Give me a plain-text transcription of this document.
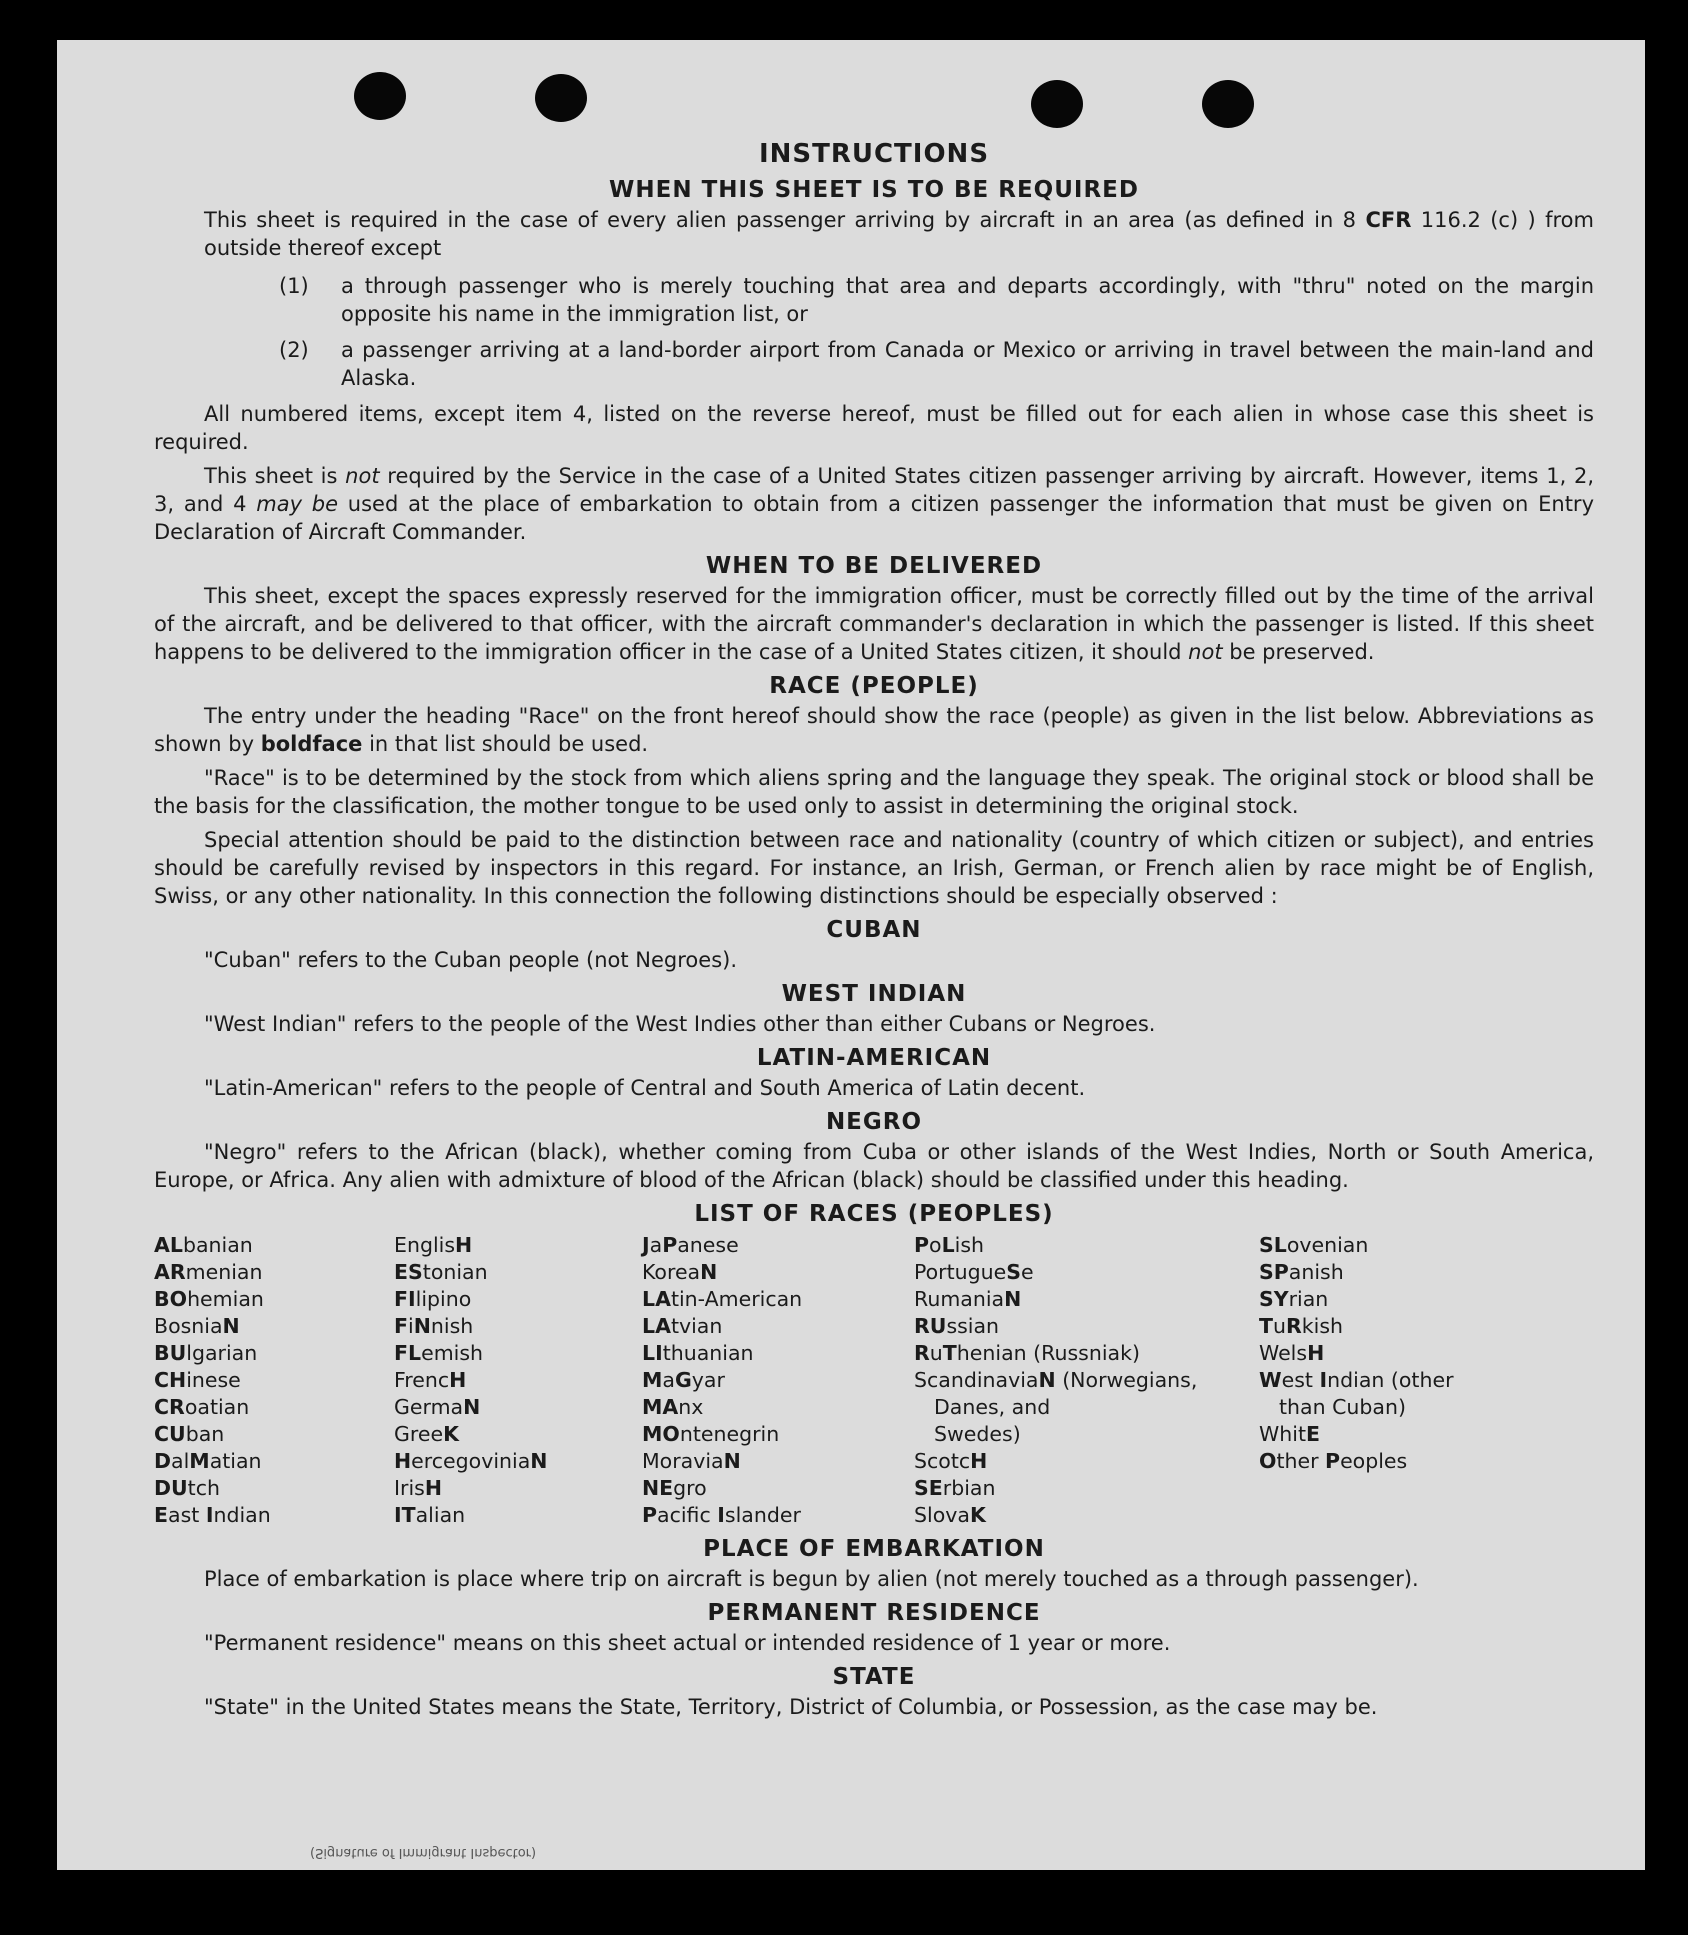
INSTRUCTIONS
WHEN THIS SHEET IS TO BE REQUIRED

This sheet is required in the case of every alien passenger arriving by aircraft in an area (as defined in 8 CFR 116.2 (c) ) from outside thereof except

(1)	a through passenger who is merely touching that area and departs accordingly, with "thru" noted on the margin opposite his name in the immigration list, or
(2)	a passenger arriving at a land-border airport from Canada or Mexico or arriving in travel between the main-land and Alaska.

All numbered items, except item 4, listed on the reverse hereof, must be filled out for each alien in whose case this sheet is required.

This sheet is not required by the Service in the case of a United States citizen passenger arriving by aircraft. However, items 1, 2, 3, and 4 may be used at the place of embarkation to obtain from a citizen passenger the information that must be given on Entry Declaration of Aircraft Commander.

WHEN TO BE DELIVERED

This sheet, except the spaces expressly reserved for the immigration officer, must be correctly filled out by the time of the arrival of the aircraft, and be delivered to that officer, with the aircraft commander's declaration in which the passenger is listed. If this sheet happens to be delivered to the immigration officer in the case of a United States citizen, it should not be preserved.

RACE (PEOPLE)

The entry under the heading "Race" on the front hereof should show the race (people) as given in the list below. Abbreviations as shown by boldface in that list should be used.

"Race" is to be determined by the stock from which aliens spring and the language they speak. The original stock or blood shall be the basis for the classification, the mother tongue to be used only to assist in determining the original stock.

Special attention should be paid to the distinction between race and nationality (country of which citizen or subject), and entries should be carefully revised by inspectors in this regard. For instance, an Irish, German, or French alien by race might be of English, Swiss, or any other nationality. In this connection the following distinctions should be especially observed :

CUBAN

"Cuban" refers to the Cuban people (not Negroes).

WEST INDIAN

"West Indian" refers to the people of the West Indies other than either Cubans or Negroes.

LATIN-AMERICAN

"Latin-American" refers to the people of Central and South America of Latin decent.

NEGRO

"Negro" refers to the African (black), whether coming from Cuba or other islands of the West Indies, North or South America, Europe, or Africa. Any alien with admixture of blood of the African (black) should be classified under this heading.

LIST OF RACES (PEOPLES)
ALbanian
ARmenian
BOhemian
BosniaN
BUlgarian
CHinese
CRoatian
CUban
DalMatian
DUtch
East Indian
EnglisH
EStonian
FIlipino
FiNnish
FLemish
FrencH
GermaN
GreeK
HercegoviniaN
IrisH
ITalian
JaPanese
KoreaN
LAtin-American
LAtvian
LIthuanian
MaGyar
MAnx
MOntenegrin
MoraviaN
NEgro
Pacific Islander
PoLish
PortugueSe
RumaniaN
RUssian
RuThenian (Russniak)
ScandinaviaN (Norwegians,
Danes, and
Swedes)
ScotcH
SErbian
SlovaK
SLovenian
SPanish
SYrian
TuRkish
WelsH
West Indian (other
than Cuban)
WhitE
Other Peoples
PLACE OF EMBARKATION

Place of embarkation is place where trip on aircraft is begun by alien (not merely touched as a through passenger).

PERMANENT RESIDENCE

"Permanent residence" means on this sheet actual or intended residence of 1 year or more.

STATE

"State" in the United States means the State, Territory, District of Columbia, or Possession, as the case may be.

(Signature of Immigrant Inspector)
